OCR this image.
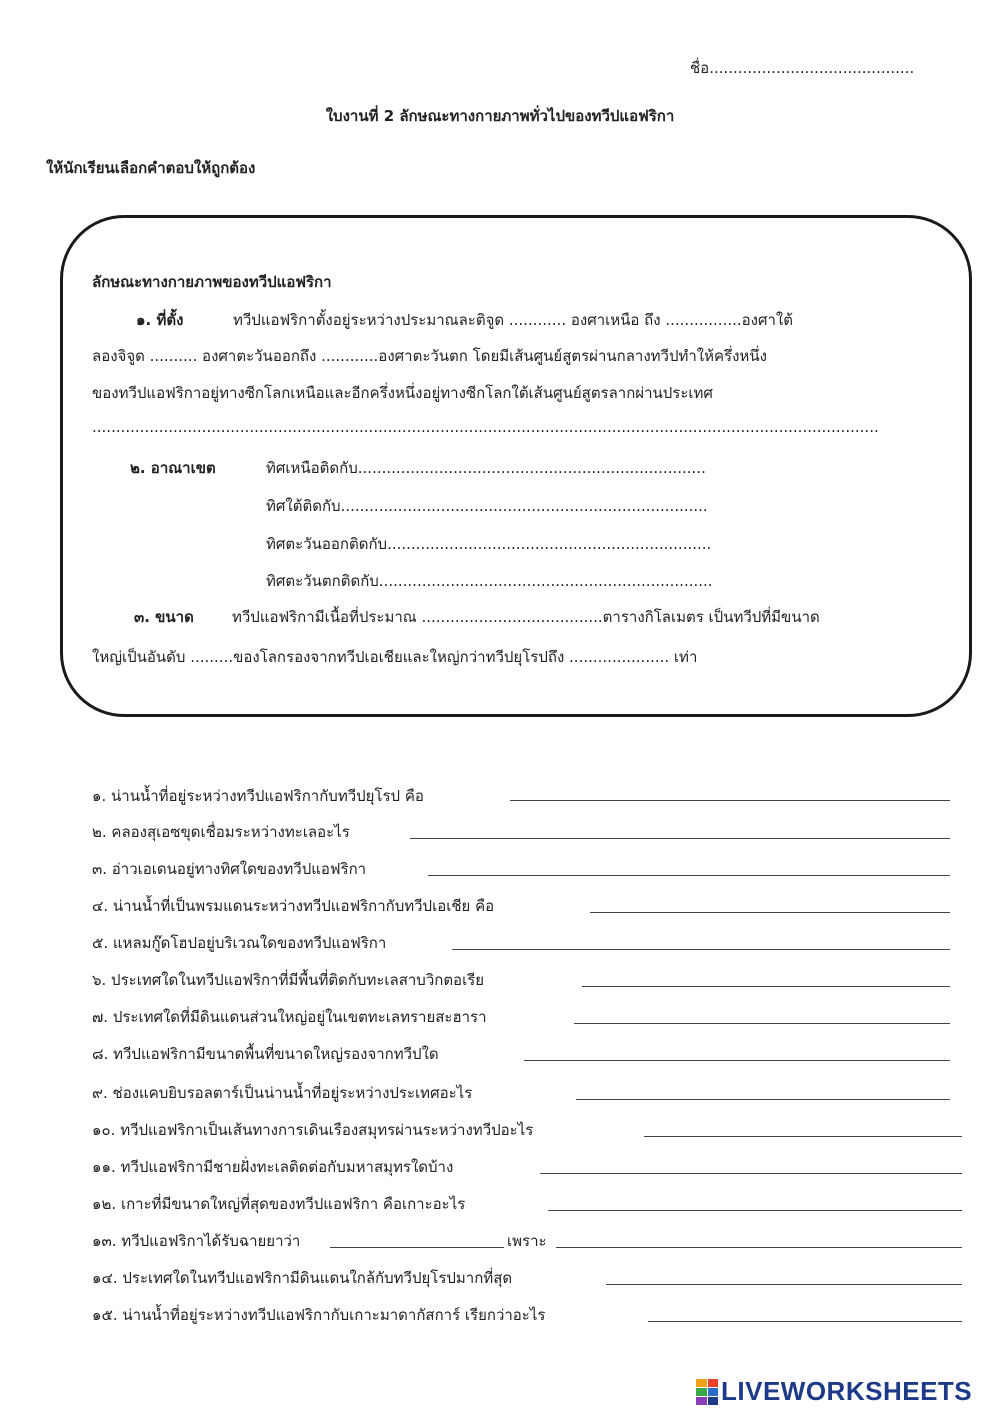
ชื่อ...........................................
ใบงานที่ 2 ลักษณะทางกายภาพทั่วไปของทวีปแอฟริกา
ให้นักเรียนเลือกคำตอบให้ถูกต้อง
ลักษณะทางกายภาพของทวีปแอฟริกา
๑. ที่ตั้ง	ทวีปแอฟริกาตั้งอยู่ระหว่างประมาณละติจูด ............ องศาเหนือ ถึง ................องศาใต้
ลองจิจูด .......... องศาตะวันออกถึง ............องศาตะวันตก โดยมีเส้นศูนย์สูตรผ่านกลางทวีปทำให้ครึ่งหนึ่ง
ของทวีปแอฟริกาอยู่ทางซีกโลกเหนือและอีกครึ่งหนึ่งอยู่ทางซีกโลกใต้เส้นศูนย์สูตรลากผ่านประเทศ
.....................................................................................................................................................................
๒. อาณาเขต	ทิศเหนือติดกับ.........................................................................
ทิศใต้ติดกับ.............................................................................
ทิศตะวันออกติดกับ....................................................................
ทิศตะวันตกติดกับ......................................................................
๓. ขนาด	ทวีปแอฟริกามีเนื้อที่ประมาณ ......................................ตารางกิโลเมตร เป็นทวีปที่มีขนาด
ใหญ่เป็นอันดับ .........ของโลกรองจากทวีปเอเชียและใหญ่กว่าทวีปยุโรปถึง ..................... เท่า
๑. น่านน้ำที่อยู่ระหว่างทวีปแอฟริกากับทวีปยุโรป คือ
๒. คลองสุเอซขุดเชื่อมระหว่างทะเลอะไร
๓. อ่าวเอเดนอยู่ทางทิศใดของทวีปแอฟริกา
๔. น่านน้ำที่เป็นพรมแดนระหว่างทวีปแอฟริกากับทวีปเอเชีย คือ
๕. แหลมกู๊ดโฮปอยู่บริเวณใดของทวีปแอฟริกา
๖. ประเทศใดในทวีปแอฟริกาที่มีพื้นที่ติดกับทะเลสาบวิกตอเรีย
๗. ประเทศใดที่มีดินแดนส่วนใหญ่อยู่ในเขตทะเลทรายสะฮารา
๘. ทวีปแอฟริกามีขนาดพื้นที่ขนาดใหญ่รองจากทวีปใด
๙. ช่องแคบยิบรอลตาร์เป็นน่านน้ำที่อยู่ระหว่างประเทศอะไร
๑๐. ทวีปแอฟริกาเป็นเส้นทางการเดินเรืองสมุทรผ่านระหว่างทวีปอะไร
๑๑. ทวีปแอฟริกามีชายฝั่งทะเลติดต่อกับมหาสมุทรใดบ้าง
๑๒. เกาะที่มีขนาดใหญ่ที่สุดของทวีปแอฟริกา คือเกาะอะไร
๑๓. ทวีปแอฟริกาได้รับฉายยาว่า	เพราะ
๑๔. ประเทศใดในทวีปแอฟริกามีดินแดนใกล้กับทวีปยุโรปมากที่สุด
๑๕. น่านน้ำที่อยู่ระหว่างทวีปแอฟริกากับเกาะมาดากัสการ์ เรียกว่าอะไร
LIVEWORKSHEETS
